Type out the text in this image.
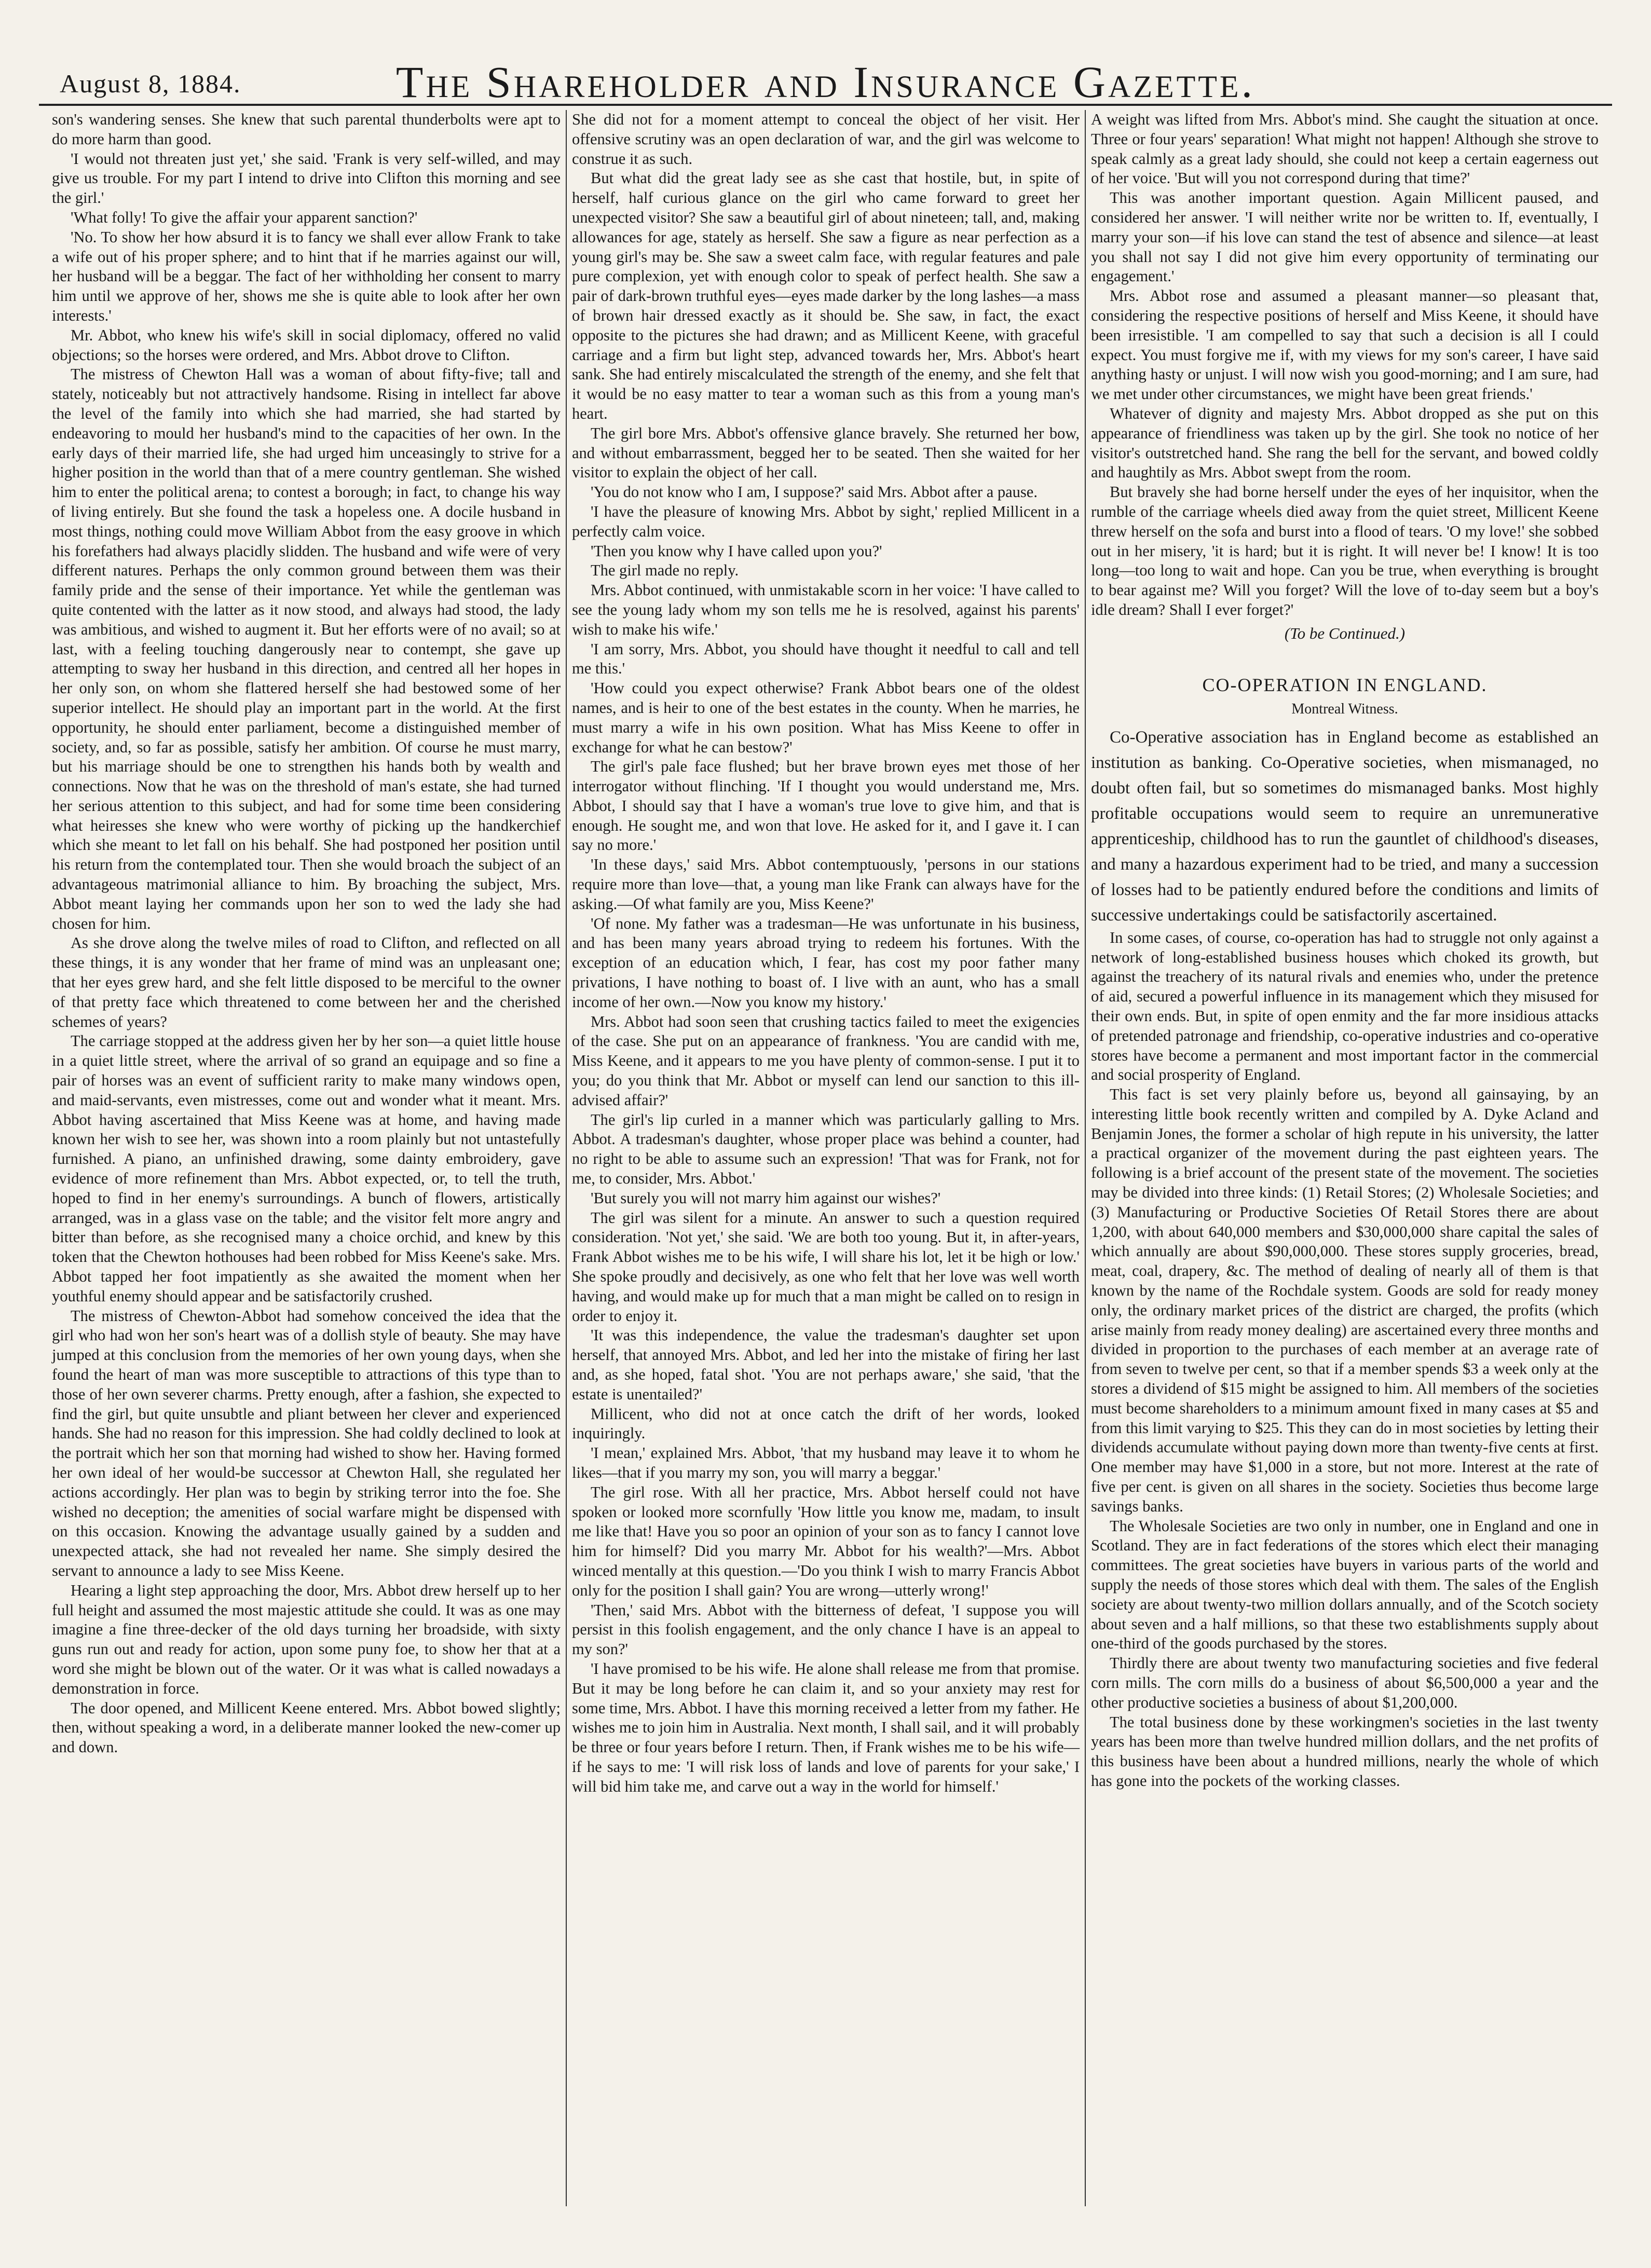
August 8, 1884.	The Shareholder and Insurance Gazette.

son's wandering senses. She knew that such parental thunderbolts were apt to do more harm than good.

'I would not threaten just yet,' she said. 'Frank is very self-willed, and may give us trouble. For my part I intend to drive into Clifton this morning and see the girl.'

'What folly! To give the affair your apparent sanction?'

'No. To show her how absurd it is to fancy we shall ever allow Frank to take a wife out of his proper sphere; and to hint that if he marries against our will, her husband will be a beggar. The fact of her withholding her consent to marry him until we approve of her, shows me she is quite able to look after her own interests.'

Mr. Abbot, who knew his wife's skill in social diplomacy, offered no valid objections; so the horses were ordered, and Mrs. Abbot drove to Clifton.

The mistress of Chewton Hall was a woman of about fifty-five; tall and stately, noticeably but not attractively handsome. Rising in intellect far above the level of the family into which she had married, she had started by endeavoring to mould her husband's mind to the capacities of her own. In the early days of their married life, she had urged him unceasingly to strive for a higher position in the world than that of a mere country gentleman. She wished him to enter the political arena; to contest a borough; in fact, to change his way of living entirely. But she found the task a hopeless one. A docile husband in most things, nothing could move William Abbot from the easy groove in which his forefathers had always placidly slidden. The husband and wife were of very different natures. Perhaps the only common ground between them was their family pride and the sense of their importance. Yet while the gentleman was quite contented with the latter as it now stood, and always had stood, the lady was ambitious, and wished to augment it. But her efforts were of no avail; so at last, with a feeling touching dangerously near to contempt, she gave up attempting to sway her husband in this direction, and centred all her hopes in her only son, on whom she flattered herself she had bestowed some of her superior intellect. He should play an important part in the world. At the first opportunity, he should enter parliament, become a distinguished member of society, and, so far as possible, satisfy her ambition. Of course he must marry, but his marriage should be one to strengthen his hands both by wealth and connections. Now that he was on the threshold of man's estate, she had turned her serious attention to this subject, and had for some time been considering what heiresses she knew who were worthy of picking up the handkerchief which she meant to let fall on his behalf. She had postponed her position until his return from the contemplated tour. Then she would broach the subject of an advantageous matrimonial alliance to him. By broaching the subject, Mrs. Abbot meant laying her commands upon her son to wed the lady she had chosen for him.

As she drove along the twelve miles of road to Clifton, and reflected on all these things, it is any wonder that her frame of mind was an unpleasant one; that her eyes grew hard, and she felt little disposed to be merciful to the owner of that pretty face which threatened to come between her and the cherished schemes of years?

The carriage stopped at the address given her by her son—a quiet little house in a quiet little street, where the arrival of so grand an equipage and so fine a pair of horses was an event of sufficient rarity to make many windows open, and maid-servants, even mistresses, come out and wonder what it meant. Mrs. Abbot having ascertained that Miss Keene was at home, and having made known her wish to see her, was shown into a room plainly but not untastefully furnished. A piano, an unfinished drawing, some dainty embroidery, gave evidence of more refinement than Mrs. Abbot expected, or, to tell the truth, hoped to find in her enemy's surroundings. A bunch of flowers, artistically arranged, was in a glass vase on the table; and the visitor felt more angry and bitter than before, as she recognised many a choice orchid, and knew by this token that the Chewton hothouses had been robbed for Miss Keene's sake. Mrs. Abbot tapped her foot impatiently as she awaited the moment when her youthful enemy should appear and be satisfactorily crushed.

The mistress of Chewton-Abbot had somehow conceived the idea that the girl who had won her son's heart was of a dollish style of beauty. She may have jumped at this conclusion from the memories of her own young days, when she found the heart of man was more susceptible to attractions of this type than to those of her own severer charms. Pretty enough, after a fashion, she expected to find the girl, but quite unsubtle and pliant between her clever and experienced hands. She had no reason for this impression. She had coldly declined to look at the portrait which her son that morning had wished to show her. Having formed her own ideal of her would-be successor at Chewton Hall, she regulated her actions accordingly. Her plan was to begin by striking terror into the foe. She wished no deception; the amenities of social warfare might be dispensed with on this occasion. Knowing the advantage usually gained by a sudden and unexpected attack, she had not revealed her name. She simply desired the servant to announce a lady to see Miss Keene.

Hearing a light step approaching the door, Mrs. Abbot drew herself up to her full height and assumed the most majestic attitude she could. It was as one may imagine a fine three-decker of the old days turning her broadside, with sixty guns run out and ready for action, upon some puny foe, to show her that at a word she might be blown out of the water. Or it was what is called nowadays a demonstration in force.

The door opened, and Millicent Keene entered. Mrs. Abbot bowed slightly; then, without speaking a word, in a deliberate manner looked the new-comer up and down.

She did not for a moment attempt to conceal the object of her visit. Her offensive scrutiny was an open declaration of war, and the girl was welcome to construe it as such.

But what did the great lady see as she cast that hostile, but, in spite of herself, half curious glance on the girl who came forward to greet her unexpected visitor? She saw a beautiful girl of about nineteen; tall, and, making allowances for age, stately as herself. She saw a figure as near perfection as a young girl's may be. She saw a sweet calm face, with regular features and pale pure complexion, yet with enough color to speak of perfect health. She saw a pair of dark-brown truthful eyes—eyes made darker by the long lashes—a mass of brown hair dressed exactly as it should be. She saw, in fact, the exact opposite to the pictures she had drawn; and as Millicent Keene, with graceful carriage and a firm but light step, advanced towards her, Mrs. Abbot's heart sank. She had entirely miscalculated the strength of the enemy, and she felt that it would be no easy matter to tear a woman such as this from a young man's heart.

The girl bore Mrs. Abbot's offensive glance bravely. She returned her bow, and without embarrassment, begged her to be seated. Then she waited for her visitor to explain the object of her call.

'You do not know who I am, I suppose?' said Mrs. Abbot after a pause.

'I have the pleasure of knowing Mrs. Abbot by sight,' replied Millicent in a perfectly calm voice.

'Then you know why I have called upon you?'

The girl made no reply.

Mrs. Abbot continued, with unmistakable scorn in her voice: 'I have called to see the young lady whom my son tells me he is resolved, against his parents' wish to make his wife.'

'I am sorry, Mrs. Abbot, you should have thought it needful to call and tell me this.'

'How could you expect otherwise? Frank Abbot bears one of the oldest names, and is heir to one of the best estates in the county. When he marries, he must marry a wife in his own position. What has Miss Keene to offer in exchange for what he can bestow?'

The girl's pale face flushed; but her brave brown eyes met those of her interrogator without flinching. 'If I thought you would understand me, Mrs. Abbot, I should say that I have a woman's true love to give him, and that is enough. He sought me, and won that love. He asked for it, and I gave it. I can say no more.'

'In these days,' said Mrs. Abbot contemptuously, 'persons in our stations require more than love—that, a young man like Frank can always have for the asking.—Of what family are you, Miss Keene?'

'Of none. My father was a tradesman—He was unfortunate in his business, and has been many years abroad trying to redeem his fortunes. With the exception of an education which, I fear, has cost my poor father many privations, I have nothing to boast of. I live with an aunt, who has a small income of her own.—Now you know my history.'

Mrs. Abbot had soon seen that crushing tactics failed to meet the exigencies of the case. She put on an appearance of frankness. 'You are candid with me, Miss Keene, and it appears to me you have plenty of common-sense. I put it to you; do you think that Mr. Abbot or myself can lend our sanction to this ill-advised affair?'

The girl's lip curled in a manner which was particularly galling to Mrs. Abbot. A tradesman's daughter, whose proper place was behind a counter, had no right to be able to assume such an expression! 'That was for Frank, not for me, to consider, Mrs. Abbot.'

'But surely you will not marry him against our wishes?'

The girl was silent for a minute. An answer to such a question required consideration. 'Not yet,' she said. 'We are both too young. But it, in after-years, Frank Abbot wishes me to be his wife, I will share his lot, let it be high or low.' She spoke proudly and decisively, as one who felt that her love was well worth having, and would make up for much that a man might be called on to resign in order to enjoy it.

'It was this independence, the value the tradesman's daughter set upon herself, that annoyed Mrs. Abbot, and led her into the mistake of firing her last and, as she hoped, fatal shot. 'You are not perhaps aware,' she said, 'that the estate is unentailed?'

Millicent, who did not at once catch the drift of her words, looked inquiringly.

'I mean,' explained Mrs. Abbot, 'that my husband may leave it to whom he likes—that if you marry my son, you will marry a beggar.'

The girl rose. With all her practice, Mrs. Abbot herself could not have spoken or looked more scornfully 'How little you know me, madam, to insult me like that! Have you so poor an opinion of your son as to fancy I cannot love him for himself? Did you marry Mr. Abbot for his wealth?'—Mrs. Abbot winced mentally at this question.—'Do you think I wish to marry Francis Abbot only for the position I shall gain? You are wrong—utterly wrong!'

'Then,' said Mrs. Abbot with the bitterness of defeat, 'I suppose you will persist in this foolish engagement, and the only chance I have is an appeal to my son?'

'I have promised to be his wife. He alone shall release me from that promise. But it may be long before he can claim it, and so your anxiety may rest for some time, Mrs. Abbot. I have this morning received a letter from my father. He wishes me to join him in Australia. Next month, I shall sail, and it will probably be three or four years before I return. Then, if Frank wishes me to be his wife—if he says to me: 'I will risk loss of lands and love of parents for your sake,' I will bid him take me, and carve out a way in the world for himself.'

A weight was lifted from Mrs. Abbot's mind. She caught the situation at once. Three or four years' separation! What might not happen! Although she strove to speak calmly as a great lady should, she could not keep a certain eagerness out of her voice. 'But will you not correspond during that time?'

This was another important question. Again Millicent paused, and considered her answer. 'I will neither write nor be written to. If, eventually, I marry your son—if his love can stand the test of absence and silence—at least you shall not say I did not give him every opportunity of terminating our engagement.'

Mrs. Abbot rose and assumed a pleasant manner—so pleasant that, considering the respective positions of herself and Miss Keene, it should have been irresistible. 'I am compelled to say that such a decision is all I could expect. You must forgive me if, with my views for my son's career, I have said anything hasty or unjust. I will now wish you good-morning; and I am sure, had we met under other circumstances, we might have been great friends.'

Whatever of dignity and majesty Mrs. Abbot dropped as she put on this appearance of friendliness was taken up by the girl. She took no notice of her visitor's outstretched hand. She rang the bell for the servant, and bowed coldly and haughtily as Mrs. Abbot swept from the room.

But bravely she had borne herself under the eyes of her inquisitor, when the rumble of the carriage wheels died away from the quiet street, Millicent Keene threw herself on the sofa and burst into a flood of tears. 'O my love!' she sobbed out in her misery, 'it is hard; but it is right. It will never be! I know! It is too long—too long to wait and hope. Can you be true, when everything is brought to bear against me? Will you forget? Will the love of to-day seem but a boy's idle dream? Shall I ever forget?'

(To be Continued.)
CO-OPERATION IN ENGLAND.
Montreal Witness.

Co-Operative association has in England become as established an institution as banking. Co-Operative societies, when mismanaged, no doubt often fail, but so sometimes do mismanaged banks. Most highly profitable occupations would seem to require an unremunerative apprenticeship, childhood has to run the gauntlet of childhood's diseases, and many a hazardous experiment had to be tried, and many a succession of losses had to be patiently endured before the conditions and limits of successive undertakings could be satisfactorily ascertained.

In some cases, of course, co-operation has had to struggle not only against a network of long-established business houses which choked its growth, but against the treachery of its natural rivals and enemies who, under the pretence of aid, secured a powerful influence in its management which they misused for their own ends. But, in spite of open enmity and the far more insidious attacks of pretended patronage and friendship, co-operative industries and co-operative stores have become a permanent and most important factor in the commercial and social prosperity of England.

This fact is set very plainly before us, beyond all gainsaying, by an interesting little book recently written and compiled by A. Dyke Acland and Benjamin Jones, the former a scholar of high repute in his university, the latter a practical organizer of the movement during the past eighteen years. The following is a brief account of the present state of the movement. The societies may be divided into three kinds: (1) Retail Stores; (2) Wholesale Societies; and (3) Manufacturing or Productive Societies Of Retail Stores there are about 1,200, with about 640,000 members and $30,000,000 share capital the sales of which annually are about $90,000,000. These stores supply groceries, bread, meat, coal, drapery, &c. The method of dealing of nearly all of them is that known by the name of the Rochdale system. Goods are sold for ready money only, the ordinary market prices of the district are charged, the profits (which arise mainly from ready money dealing) are ascertained every three months and divided in proportion to the purchases of each member at an average rate of from seven to twelve per cent, so that if a member spends $3 a week only at the stores a dividend of $15 might be assigned to him. All members of the societies must become shareholders to a minimum amount fixed in many cases at $5 and from this limit varying to $25. This they can do in most societies by letting their dividends accumulate without paying down more than twenty-five cents at first. One member may have $1,000 in a store, but not more. Interest at the rate of five per cent. is given on all shares in the society. Societies thus become large savings banks.

The Wholesale Societies are two only in number, one in England and one in Scotland. They are in fact federations of the stores which elect their managing committees. The great societies have buyers in various parts of the world and supply the needs of those stores which deal with them. The sales of the English society are about twenty-two million dollars annually, and of the Scotch society about seven and a half millions, so that these two establishments supply about one-third of the goods purchased by the stores.

Thirdly there are about twenty two manufacturing societies and five federal corn mills. The corn mills do a business of about $6,500,000 a year and the other productive societies a business of about $1,200,000.

The total business done by these workingmen's societies in the last twenty years has been more than twelve hundred million dollars, and the net profits of this business have been about a hundred millions, nearly the whole of which has gone into the pockets of the working classes.
